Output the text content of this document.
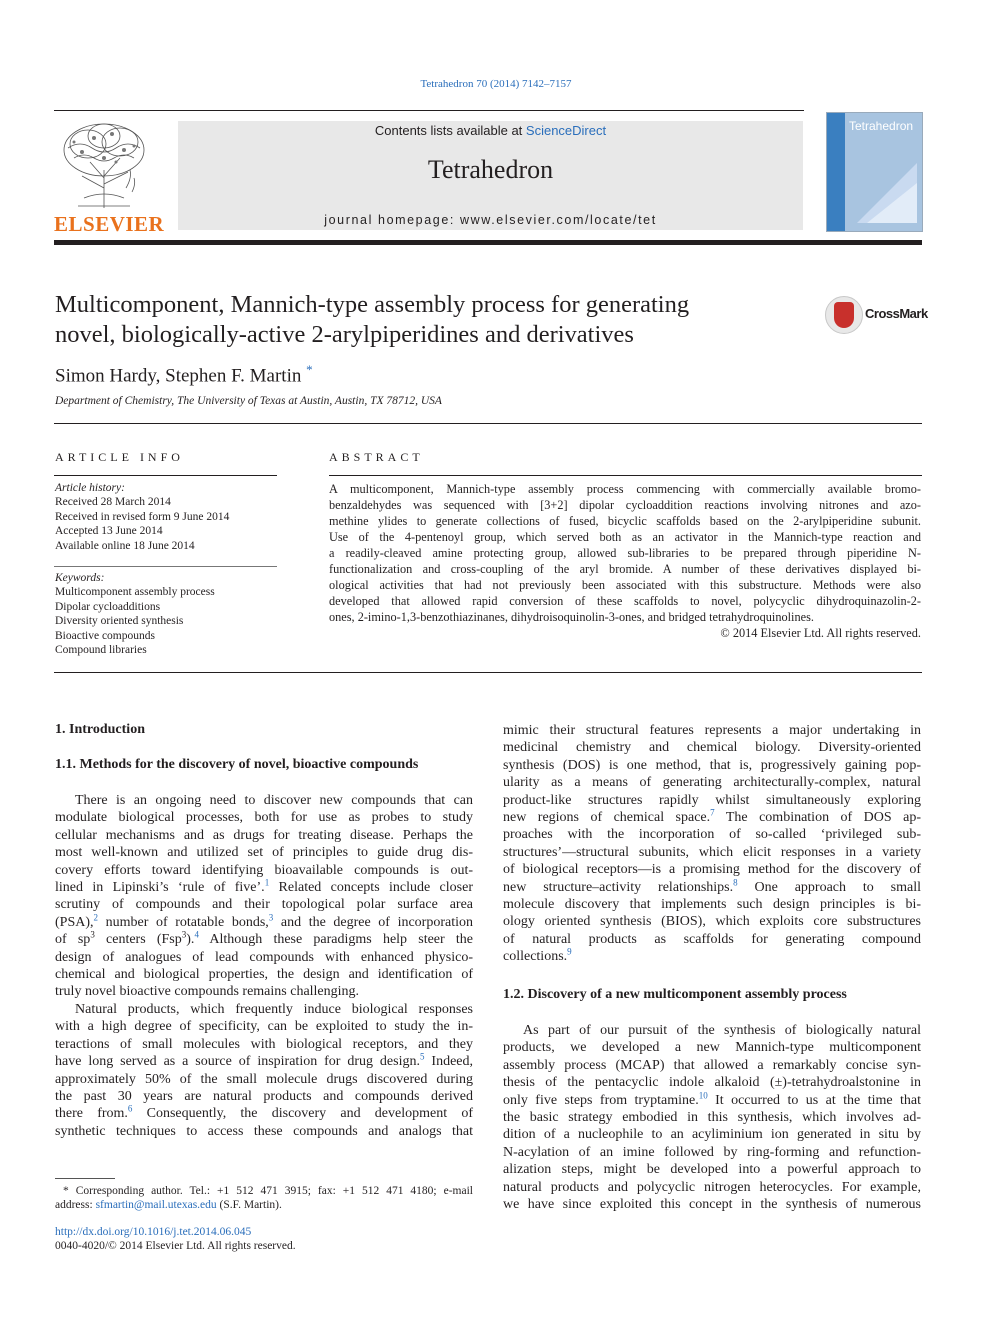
Tetrahedron 70 (2014) 7142–7157
ELSEVIER
Contents lists available at ScienceDirect
Tetrahedron
journal homepage: www.elsevier.com/locate/tet
Tetrahedron
Multicomponent, Mannich-type assembly process for generating
novel, biologically-active 2-arylpiperidines and derivatives
CrossMark
Simon Hardy, Stephen F. Martin *
Department of Chemistry, The University of Texas at Austin, Austin, TX 78712, USA
ARTICLE INFO
Article history:
Received 28 March 2014
Received in revised form 9 June 2014
Accepted 13 June 2014
Available online 18 June 2014
Keywords:
Multicomponent assembly process
Dipolar cycloadditions
Diversity oriented synthesis
Bioactive compounds
Compound libraries
ABSTRACT
A multicomponent, Mannich-type assembly process commencing with commercially available bromo-
benzaldehydes was sequenced with [3+2] dipolar cycloaddition reactions involving nitrones and azo-
methine ylides to generate collections of fused, bicyclic scaffolds based on the 2-arylpiperidine subunit.
Use of the 4-pentenoyl group, which served both as an activator in the Mannich-type reaction and
a readily-cleaved amine protecting group, allowed sub-libraries to be prepared through piperidine N-
functionalization and cross-coupling of the aryl bromide. A number of these derivatives displayed bi-
ological activities that had not previously been associated with this substructure. Methods were also
developed that allowed rapid conversion of these scaffolds to novel, polycyclic dihydroquinazolin-2-
ones, 2-imino-1,3-benzothiazinanes, dihydroisoquinolin-3-ones, and bridged tetrahydroquinolines.
© 2014 Elsevier Ltd. All rights reserved.
1. Introduction
1.1. Methods for the discovery of novel, bioactive compounds
There is an ongoing need to discover new compounds that can
modulate biological processes, both for use as probes to study
cellular mechanisms and as drugs for treating disease. Perhaps the
most well-known and utilized set of principles to guide drug dis-
covery efforts toward identifying bioavailable compounds is out-
lined in Lipinski’s ‘rule of five’.$^1$ Related concepts include closer
scrutiny of compounds and their topological polar surface area
(PSA),$^2$ number of rotatable bonds,$^3$ and the degree of incorporation
of $sp^3$ centers (Fsp$^3$).$^4$ Although these paradigms help steer the
design of analogues of lead compounds with enhanced physico-
chemical and biological properties, the design and identification of
truly novel bioactive compounds remains challenging.
Natural products, which frequently induce biological responses
with a high degree of specificity, can be exploited to study the in-
teractions of small molecules with biological receptors, and they
have long served as a source of inspiration for drug design.$^5$ Indeed,
approximately 50% of the small molecule drugs discovered during
the past 30 years are natural products and compounds derived
there from.$^6$ Consequently, the discovery and development of
synthetic techniques to access these compounds and analogs that
mimic their structural features represents a major undertaking in
medicinal chemistry and chemical biology. Diversity-oriented
synthesis (DOS) is one method, that is, progressively gaining pop-
ularity as a means of generating architecturally-complex, natural
product-like structures rapidly whilst simultaneously exploring
new regions of chemical space.$^7$ The combination of DOS ap-
proaches with the incorporation of so-called ‘privileged sub-
structures’—structural subunits, which elicit responses in a variety
of biological receptors—is a promising method for the discovery of
new structure–activity relationships.$^8$ One approach to small
molecule discovery that implements such design principles is bi-
ology oriented synthesis (BIOS), which exploits core substructures
of natural products as scaffolds for generating compound
collections.$^9$
1.2. Discovery of a new multicomponent assembly process
As part of our pursuit of the synthesis of biologically natural
products, we developed a new Mannich-type multicomponent
assembly process (MCAP) that allowed a remarkably concise syn-
thesis of the pentacyclic indole alkaloid (±)-tetrahydroalstonine in
only five steps from tryptamine.$^{10}$ It occurred to us at the time that
the basic strategy embodied in this synthesis, which involves ad-
dition of a nucleophile to an acyliminium ion generated in situ by
N-acylation of an imine followed by ring-forming and refunction-
alization steps, might be developed into a powerful approach to
natural products and polycyclic nitrogen heterocycles. For example,
we have since exploited this concept in the synthesis of numerous
* Corresponding author. Tel.: +1 512 471 3915; fax: +1 512 471 4180; e-mail
address: sfmartin@mail.utexas.edu (S.F. Martin).
http://dx.doi.org/10.1016/j.tet.2014.06.045
0040-4020/© 2014 Elsevier Ltd. All rights reserved.
